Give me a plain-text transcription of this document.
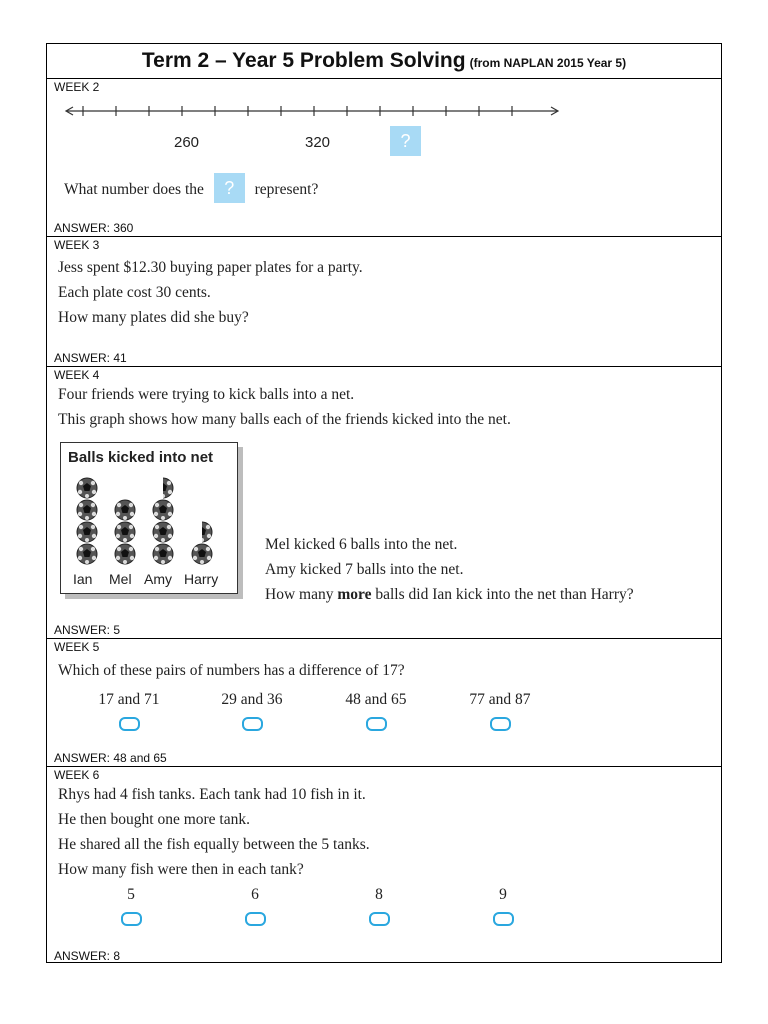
Term 2 – Year 5 Problem Solving (from NAPLAN 2015 Year 5)
WEEK 2
260	320	?
What number does the ? represent?
ANSWER: 360
WEEK 3
Jess spent $12.30 buying paper plates for a party.
Each plate cost 30 cents.
How many plates did she buy?
ANSWER: 41
WEEK 4
Four friends were trying to kick balls into a net.
This graph shows how many balls each of the friends kicked into the net.
Balls kicked into net
Ian Mel Amy Harry
Mel kicked 6 balls into the net.
Amy kicked 7 balls into the net.
How many more balls did Ian kick into the net than Harry?
ANSWER: 5
WEEK 5
Which of these pairs of numbers has a difference of 17?
17 and 71	29 and 36	48 and 65	77 and 87
ANSWER: 48 and 65
WEEK 6
Rhys had 4 fish tanks. Each tank had 10 fish in it.
He then bought one more tank.
He shared all the fish equally between the 5 tanks.
How many fish were then in each tank?
5	6	8	9
ANSWER: 8
